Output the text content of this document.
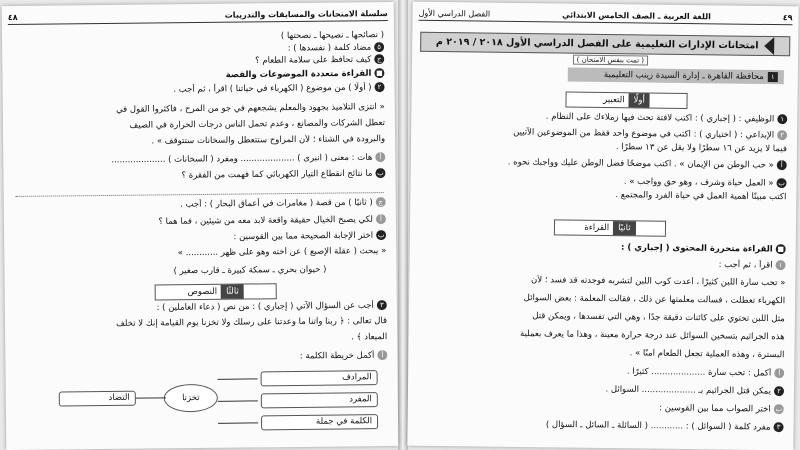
سلسلة الامتحانات والمسابقات والتدريبات
٤٨
( نصائحها ـ نصيحها ـ نصحتها )
٥مضاد كلمة ( نفسدها ) :
جكيف تحافظ على سلامة الطعام ؟
■القراءة متعددة الموضوعات والقصة
٢( أولًا ) من موضوع ( الكهرباء في حياتنا ) اقرأ ، ثم أجب .
« انتزى التلاميذ بجهود والمعلم يشجعهم في جو من المرح ، فأكثروا القول في
تعطل الشركات والمصانع ، وعدم تحمل الناس درجات الحرارة في الصيف
والبرودة في الشتاء ؛ لأن المراوح ستتعطل والسخانات ستتوقف » .
أهات : معنى ( انبرى ) .................... ومفرد ( السخانات ) ....................
بما نتائج انقطاع التيار الكهربائي كما فهمت من الفقرة ؟
ج( ثانيًا ) من قصة ( مغامرات في أعماق البحار ) : أجب .
ألكي يصبح الخيال حقيقة واقعة لابد معه من شيئين ، فما هما ؟
باختر الإجابة الصحيحة مما بين القوسين :
« يبحث ( عقلة الإصبع ) عن أخته وهو على ظهر ............ »
( حيوان بحري ـ سمكة كبيرة ـ قارب صغير )
ثالثًاالنصوص
٣أجب عن السؤال الآتي ( إجباري ) : من نص ( دعاء العاملين ) :
قال تعالى : ﴿ ربنا وآتنا ما وعدتنا على رسلك ولا تخزنا يوم القيامة إنك لا تخلف
الميعاد ﴾ .
أأكمل خريطة الكلمة :
المرادف
المفرد
الكلمة في جملة
تخزنا
التضاد
٤٩
اللغة العربية ـ الصف الخامس الابتدائي
الفصل الدراسي الأول
امتحانات الإدارات التعليمية على الفصل الدراسي الأول ٢٠١٨ / ٢٠١٩ م
( تمت بنفس الامتحان )
١محافظة القاهرة ـ إدارة السيدة زينب التعليمية
أولًاالتعبير
١الوظيفي : ( إجباري ) : اكتب لافتة تحث فيها زملاءك على النظام .
٢الإبداعي : ( اختياري ) : اكتب في موضوع واحد فقط من الموضوعين الآتيين
فيما لا يزيد عن ١٦ سطرًا ولا يقل عن ١٣ سطرًا .
أ« حب الوطن من الإيمان » . اكتب موضحًا فضل الوطن عليك وواجبك نحوه .
ب« العمل حياة وشرف ، وهو حق وواجب » .
اكتب مبينًا أهمية العمل في حياة الفرد والمجتمع .
ثانيًاالقراءة
■القراءة متحررة المحتوى ( إجباري ) :
١اقرأ ، ثم أجب :
« تحب سارة اللبن كثيرًا ، أعدت كوب اللبن لتشربه فوجدته قد فسد ؛ لأن
الكهرباء تعطلت ، فسألت معلمتها عن ذلك ، فقالت المعلمة : بعض السوائل
مثل اللبن تحتوي على كائنات دقيقة جدًا ، وهي التي تفسدها ، ويمكن قتل
هذه الجراثيم بتسخين السوائل عند درجة حرارة معينة ، وهذا ما يعرف بعملية
البسترة ، وهذه العملية تجعل الطعام آمنًا » .
أأكمل : تحب سارة .................... كثيرًا .
٢يمكن قتل الجراثيم بـ .................... السوائل .
باختر الصواب مما بين القوسين :
٣مفرد كلمة ( السوائل ) : ............ ( السائلة ـ السائل ـ السؤال )
